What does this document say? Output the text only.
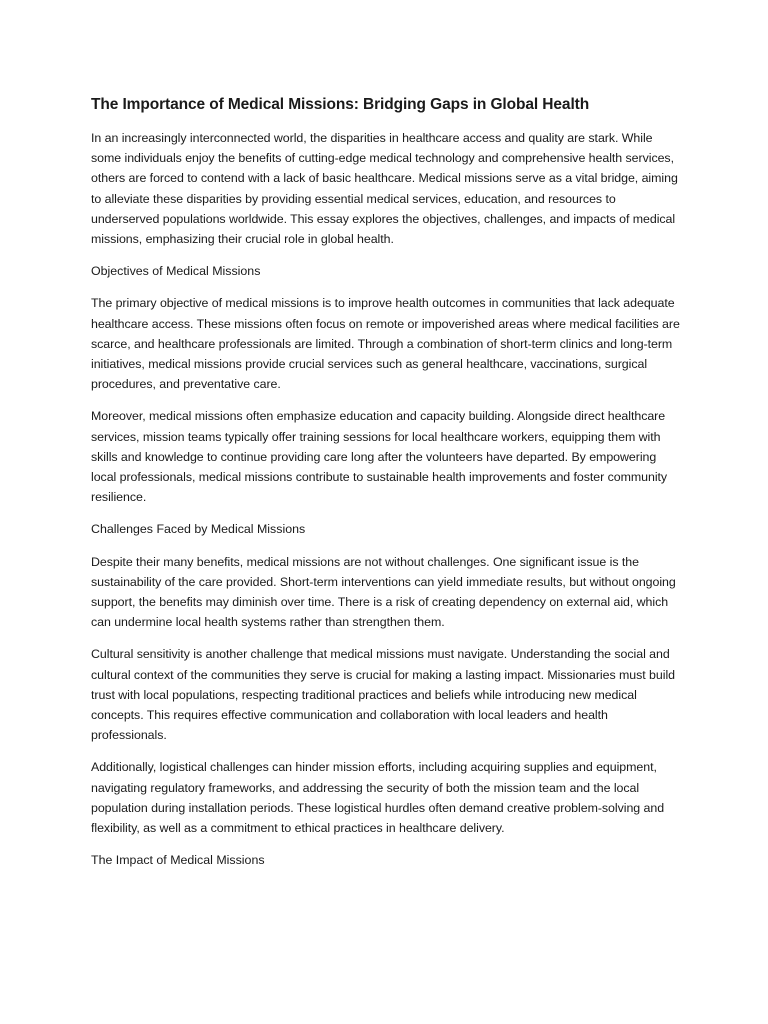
The Importance of Medical Missions: Bridging Gaps in Global Health

In an increasingly interconnected world, the disparities in healthcare access and quality are stark. While some individuals enjoy the benefits of cutting-edge medical technology and comprehensive health services, others are forced to contend with a lack of basic healthcare. Medical missions serve as a vital bridge, aiming to alleviate these disparities by providing essential medical services, education, and resources to underserved populations worldwide. This essay explores the objectives, challenges, and impacts of medical missions, emphasizing their crucial role in global health.

Objectives of Medical Missions

The primary objective of medical missions is to improve health outcomes in communities that lack adequate healthcare access. These missions often focus on remote or impoverished areas where medical facilities are scarce, and healthcare professionals are limited. Through a combination of short-term clinics and long-term initiatives, medical missions provide crucial services such as general healthcare, vaccinations, surgical procedures, and preventative care.

Moreover, medical missions often emphasize education and capacity building. Alongside direct healthcare services, mission teams typically offer training sessions for local healthcare workers, equipping them with skills and knowledge to continue providing care long after the volunteers have departed. By empowering local professionals, medical missions contribute to sustainable health improvements and foster community resilience.

Challenges Faced by Medical Missions

Despite their many benefits, medical missions are not without challenges. One significant issue is the sustainability of the care provided. Short-term interventions can yield immediate results, but without ongoing support, the benefits may diminish over time. There is a risk of creating dependency on external aid, which can undermine local health systems rather than strengthen them.

Cultural sensitivity is another challenge that medical missions must navigate. Understanding the social and cultural context of the communities they serve is crucial for making a lasting impact. Missionaries must build trust with local populations, respecting traditional practices and beliefs while introducing new medical concepts. This requires effective communication and collaboration with local leaders and health professionals.

Additionally, logistical challenges can hinder mission efforts, including acquiring supplies and equipment, navigating regulatory frameworks, and addressing the security of both the mission team and the local population during installation periods. These logistical hurdles often demand creative problem-solving and flexibility, as well as a commitment to ethical practices in healthcare delivery.

The Impact of Medical Missions
